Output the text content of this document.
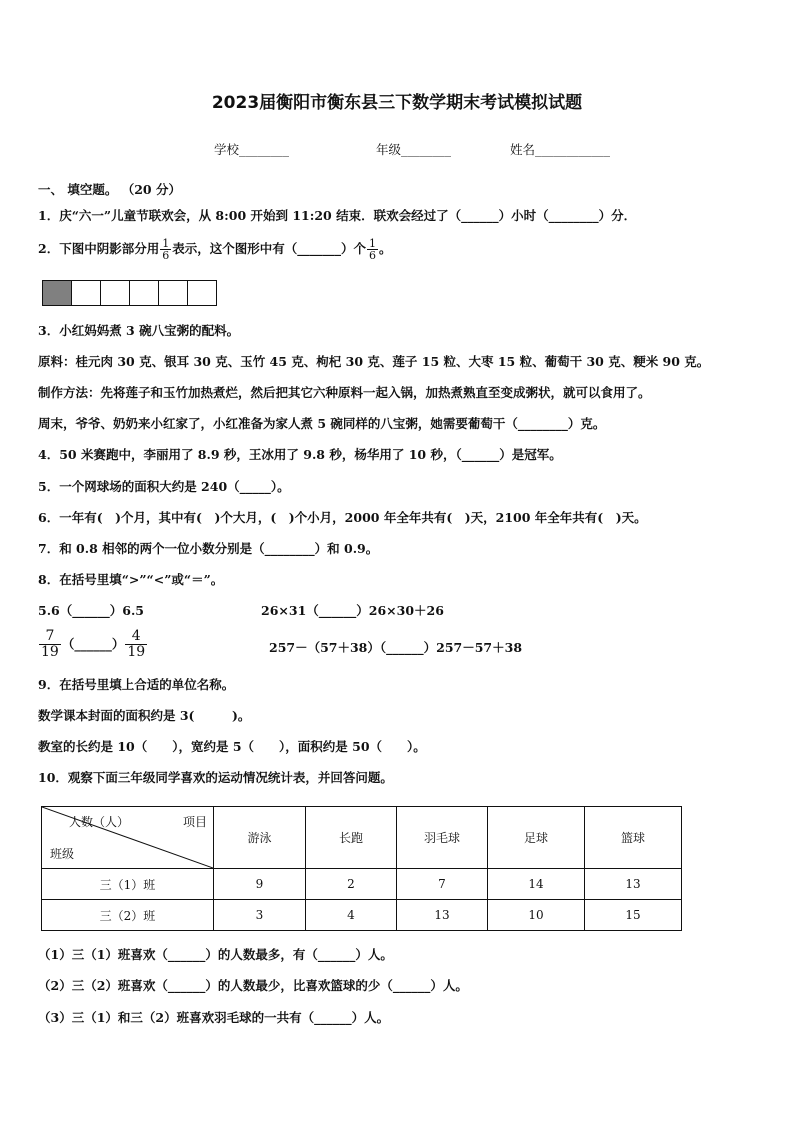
2023届衡阳市衡东县三下数学期末考试模拟试题
学校________	年级________	姓名____________
一、 填空题。 （20 分）
1．庆“六一”儿童节联欢会，从 8:00 开始到 11:20 结束．联欢会经过了（______）小时（________）分．
2．下图中阴影部分用 $\frac{1}{6}$ 表示，这个图形中有（_______）个 $\frac{1}{6}$ 。
3．小红妈妈煮 3 碗八宝粥的配料。
原料：桂元肉 30 克、银耳 30 克、玉竹 45 克、枸杞 30 克、莲子 15 粒、大枣 15 粒、葡萄干 30 克、粳米 90 克。
制作方法：先将莲子和玉竹加热煮烂，然后把其它六种原料一起入锅，加热煮熟直至变成粥状，就可以食用了。
周末，爷爷、奶奶来小红家了，小红准备为家人煮 5 碗同样的八宝粥，她需要葡萄干（________）克。
4．50 米赛跑中，李丽用了 8.9 秒，王冰用了 9.8 秒，杨华用了 10 秒，（______）是冠军。
5．一个网球场的面积大约是 240（_____）。
6．一年有(　)个月，其中有(　)个大月，(　)个小月，2000 年全年共有(　)天，2100 年全年共有(　)天。
7．和 0.8 相邻的两个一位小数分别是（________）和 0.9。
8．在括号里填“>”“<”或“＝”。
5.6（______）6.5	26×31（______）26×30＋26
$\frac{7}{19}$ （______） $\frac{4}{19}$	257－（57＋38）（______）257－57＋38
9．在括号里填上合适的单位名称。
数学课本封面的面积约是 3(　　　)。
教室的长约是 10（　　），宽约是 5（　　），面积约是 50（　　）。
10．观察下面三年级同学喜欢的运动情况统计表，并回答问题。
人数（人） 项目
班级	游泳	长跑	羽毛球	足球	篮球
三（1）班	9	2	7	14	13
三（2）班	3	4	13	10	15
（1）三（1）班喜欢（______）的人数最多，有（______）人。
（2）三（2）班喜欢（______）的人数最少，比喜欢篮球的少（______）人。
（3）三（1）和三（2）班喜欢羽毛球的一共有（______）人。
